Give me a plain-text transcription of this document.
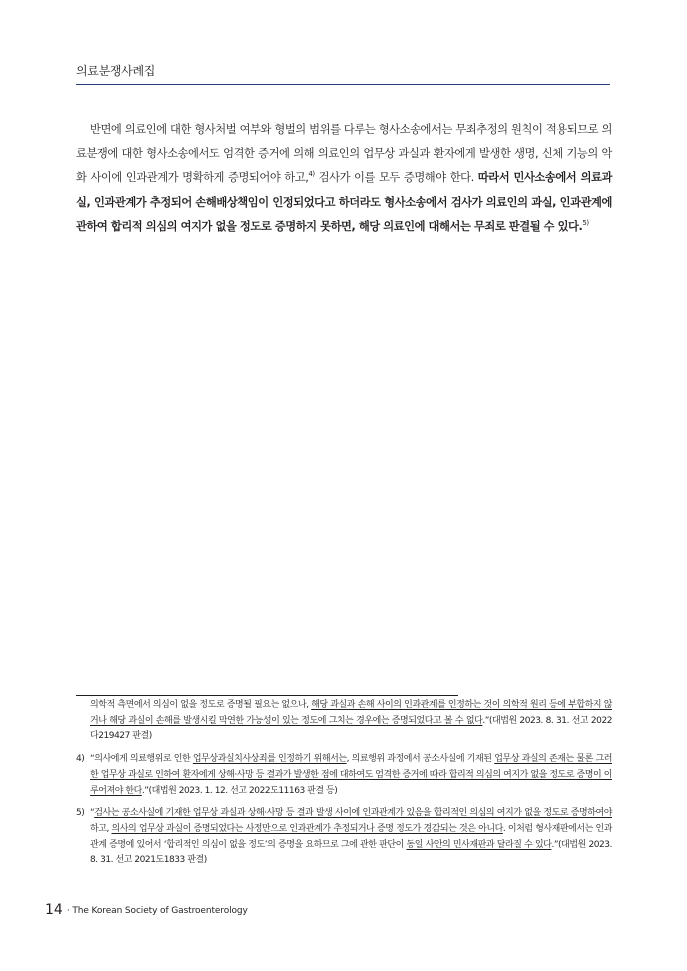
의료분쟁사례집

반면에 의료인에 대한 형사처벌 여부와 형벌의 범위를 다루는 형사소송에서는 무죄추정의 원칙이 적용되므로 의료분쟁에 대한 형사소송에서도 엄격한 증거에 의해 의료인의 업무상 과실과 환자에게 발생한 생명, 신체 기능의 악화 사이에 인과관계가 명확하게 증명되어야 하고,$^{4)}$ 검사가 이를 모두 증명해야 한다. 따라서 민사소송에서 의료과실, 인과관계가 추정되어 손해배상책임이 인정되었다고 하더라도 형사소송에서 검사가 의료인의 과실, 인과관계에 관하여 합리적 의심의 여지가 없을 정도로 증명하지 못하면, 해당 의료인에 대해서는 무죄로 판결될 수 있다.$^{5)}$

의학적 측면에서 의심이 없을 정도로 증명될 필요는 없으나, 해당 과실과 손해 사이의 인과관계를 인정하는 것이 의학적 원리 등에 부합하지 않거나 해당 과실이 손해를 발생시킬 막연한 가능성이 있는 정도에 그치는 경우에는 증명되었다고 볼 수 없다.”(대법원 2023. 8. 31. 선고 2022다219427 판결)

4) “의사에게 의료행위로 인한 업무상과실치사상죄를 인정하기 위해서는, 의료행위 과정에서 공소사실에 기재된 업무상 과실의 존재는 물론 그러한 업무상 과실로 인하여 환자에게 상해·사망 등 결과가 발생한 점에 대하여도 엄격한 증거에 따라 합리적 의심의 여지가 없을 정도로 증명이 이루어져야 한다.”(대법원 2023. 1. 12. 선고 2022도11163 판결 등)

5) “검사는 공소사실에 기재한 업무상 과실과 상해·사망 등 결과 발생 사이에 인과관계가 있음을 합리적인 의심의 여지가 없을 정도로 증명하여야 하고, 의사의 업무상 과실이 증명되었다는 사정만으로 인과관계가 추정되거나 증명 정도가 경감되는 것은 아니다. 이처럼 형사재판에서는 인과관계 증명에 있어서 ‘합리적인 의심이 없을 정도’의 증명을 요하므로 그에 관한 판단이 동일 사안의 민사재판과 달라질 수 있다.”(대법원 2023. 8. 31. 선고 2021도1833 판결)

14 · The Korean Society of Gastroenterology
